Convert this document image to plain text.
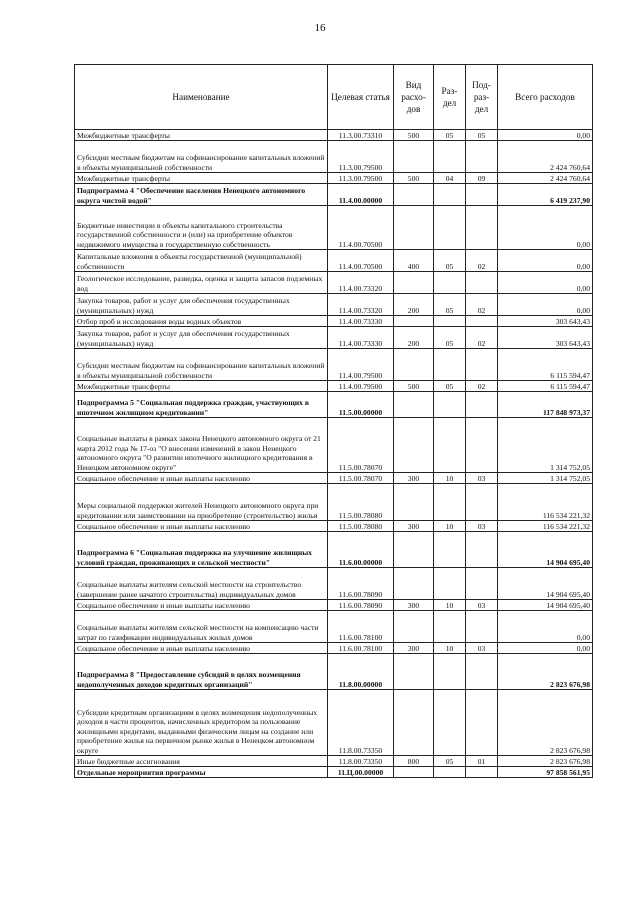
16
Наименование	Целевая статья	Вид расхо-дов	Раз-дел	Под-раз-дел	Всего расходов
Межбюджетные трансферты	11.3.00.73310	500	05	05	0,00
Субсидии местным бюджетам на софинансирование капитальных вложений в объекты муниципальной собственности	11.3.00.79500				2 424 760,64
Межбюджетные трансферты	11.3.00.79500	500	04	09	2 424 760,64
Подпрограмма 4 "Обеспечение населения Ненецкого автономного округа чистой водой"	11.4.00.00000				6 419 237,90
Бюджетные инвестиции в объекты капитального строительства государственной собственности и (или) на приобретение объектов недвижимого имущества в государственную собственность	11.4.00.70500				0,00
Капитальные вложения в объекты государственной (муниципальной) собственности	11.4.00.70500	400	05	02	0,00
Геологическое исследование, разведка, оценка и защита запасов подземных вод	11.4.00.73320				0,00
Закупка товаров, работ и услуг для обеспечения государственных (муниципальных) нужд	11.4.00.73320	200	05	02	0,00
Отбор проб и исследования воды водных объектов	11.4.00.73330				303 643,43
Закупка товаров, работ и услуг для обеспечения государственных (муниципальных) нужд	11.4.00.73330	200	05	02	303 643,43
Субсидии местным бюджетам на софинансирование капитальных вложений в объекты муниципальной собственности	11.4.00.79500				6 115 594,47
Межбюджетные трансферты	11.4.00.79500	500	05	02	6 115 594,47
Подпрограмма 5 "Социальная поддержка граждан, участвующих в ипотечном жилищном кредитовании"	11.5.00.00000				117 848 973,37
Социальные выплаты в рамках закона Ненецкого автономного округа от 21 марта 2012 года № 17-оз "О внесении изменений в закон Ненецкого автономного округа "О развитии ипотечного жилищного кредитования в Ненецком автономном округе"	11.5.00.78070				1 314 752,05
Социальное обеспечение и иные выплаты населению	11.5.00.78070	300	10	03	1 314 752,05
Меры социальной поддержки жителей Ненецкого автономного округа при кредитовании или заимствовании на приобретение (строительство) жилья	11.5.00.78080				116 534 221,32
Социальное обеспечение и иные выплаты населению	11.5.00.78080	300	10	03	116 534 221,32
Подпрограмма 6 "Социальная поддержка на улучшение жилищных условий граждан, проживающих в сельской местности"	11.6.00.00000				14 904 695,40
Социальные выплаты жителям сельской местности на строительство (завершение ранее начатого строительства) индивидуальных домов	11.6.00.78090				14 904 695,40
Социальное обеспечение и иные выплаты населению	11.6.00.78090	300	10	03	14 904 695,40
Социальные выплаты жителям сельской местности на компенсацию части затрат по газификации индивидуальных жилых домов	11.6.00.78100				0,00
Социальное обеспечение и иные выплаты населению	11.6.00.78100	300	10	03	0,00
Подпрограмма 8 "Предоставление субсидий в целях возмещения недополученных доходов кредитных организаций"	11.8.00.00000				2 823 676,98
Субсидии кредитным организациям в целях возмещения недополученных доходов в части процентов, начисленных кредитором за пользование жилищными кредитами, выданными физическим лицам на создание или приобретение жилья на первичном рынке жилья в Ненецком автономном округе	11.8.00.73350				2 823 676,98
Иные бюджетные ассигнования	11.8.00.73350	800	05	01	2 823 676,98
Отдельные мероприятия программы	11.Ц.00.00000				97 858 561,95
